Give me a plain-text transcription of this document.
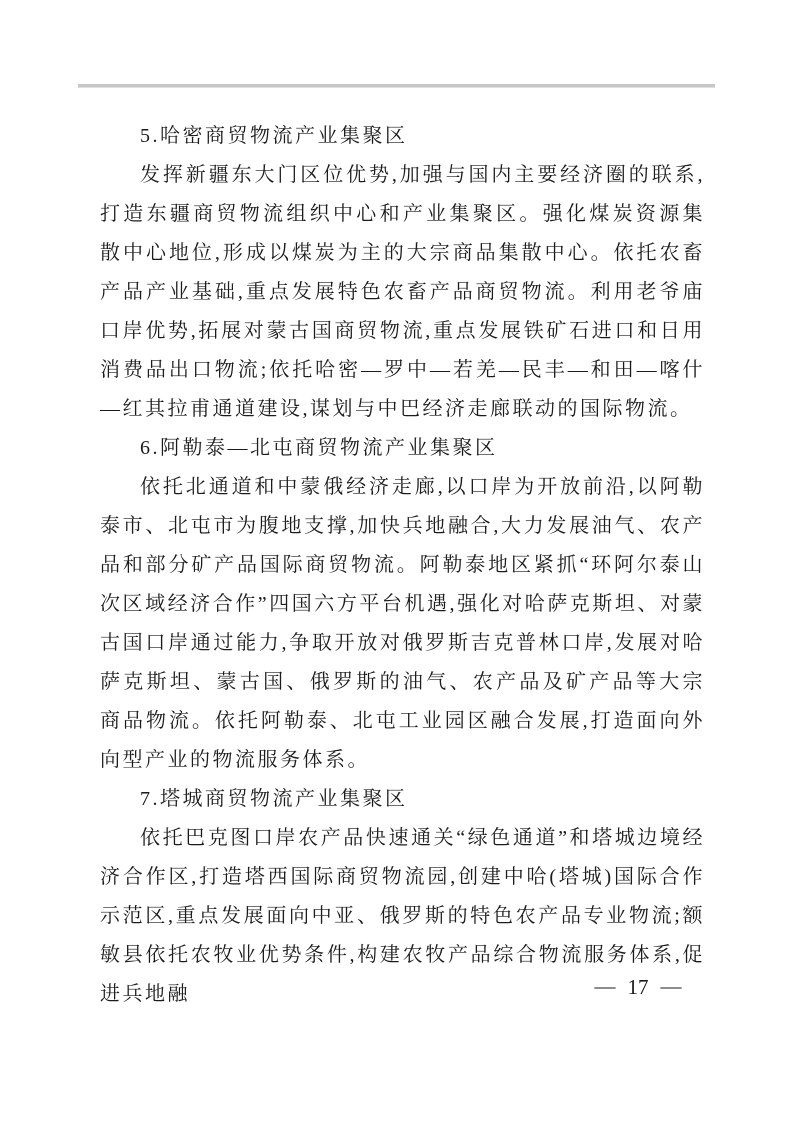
5.哈密商贸物流产业集聚区

发挥新疆东大门区位优势,加强与国内主要经济圈的联系,打造东疆商贸物流组织中心和产业集聚区。强化煤炭资源集散中心地位,形成以煤炭为主的大宗商品集散中心。依托农畜产品产业基础,重点发展特色农畜产品商贸物流。利用老爷庙口岸优势,拓展对蒙古国商贸物流,重点发展铁矿石进口和日用消费品出口物流;依托哈密—罗中—若羌—民丰—和田—喀什—红其拉甫通道建设,谋划与中巴经济走廊联动的国际物流。

6.阿勒泰—北屯商贸物流产业集聚区

依托北通道和中蒙俄经济走廊,以口岸为开放前沿,以阿勒泰市、北屯市为腹地支撑,加快兵地融合,大力发展油气、农产品和部分矿产品国际商贸物流。阿勒泰地区紧抓“环阿尔泰山次区域经济合作”四国六方平台机遇,强化对哈萨克斯坦、对蒙古国口岸通过能力,争取开放对俄罗斯吉克普林口岸,发展对哈萨克斯坦、蒙古国、俄罗斯的油气、农产品及矿产品等大宗商品物流。依托阿勒泰、北屯工业园区融合发展,打造面向外向型产业的物流服务体系。

7.塔城商贸物流产业集聚区

依托巴克图口岸农产品快速通关“绿色通道”和塔城边境经济合作区,打造塔西国际商贸物流园,创建中哈(塔城)国际合作示范区,重点发展面向中亚、俄罗斯的特色农产品专业物流;额敏县依托农牧业优势条件,构建农牧产品综合物流服务体系,促进兵地融	— 17 —
